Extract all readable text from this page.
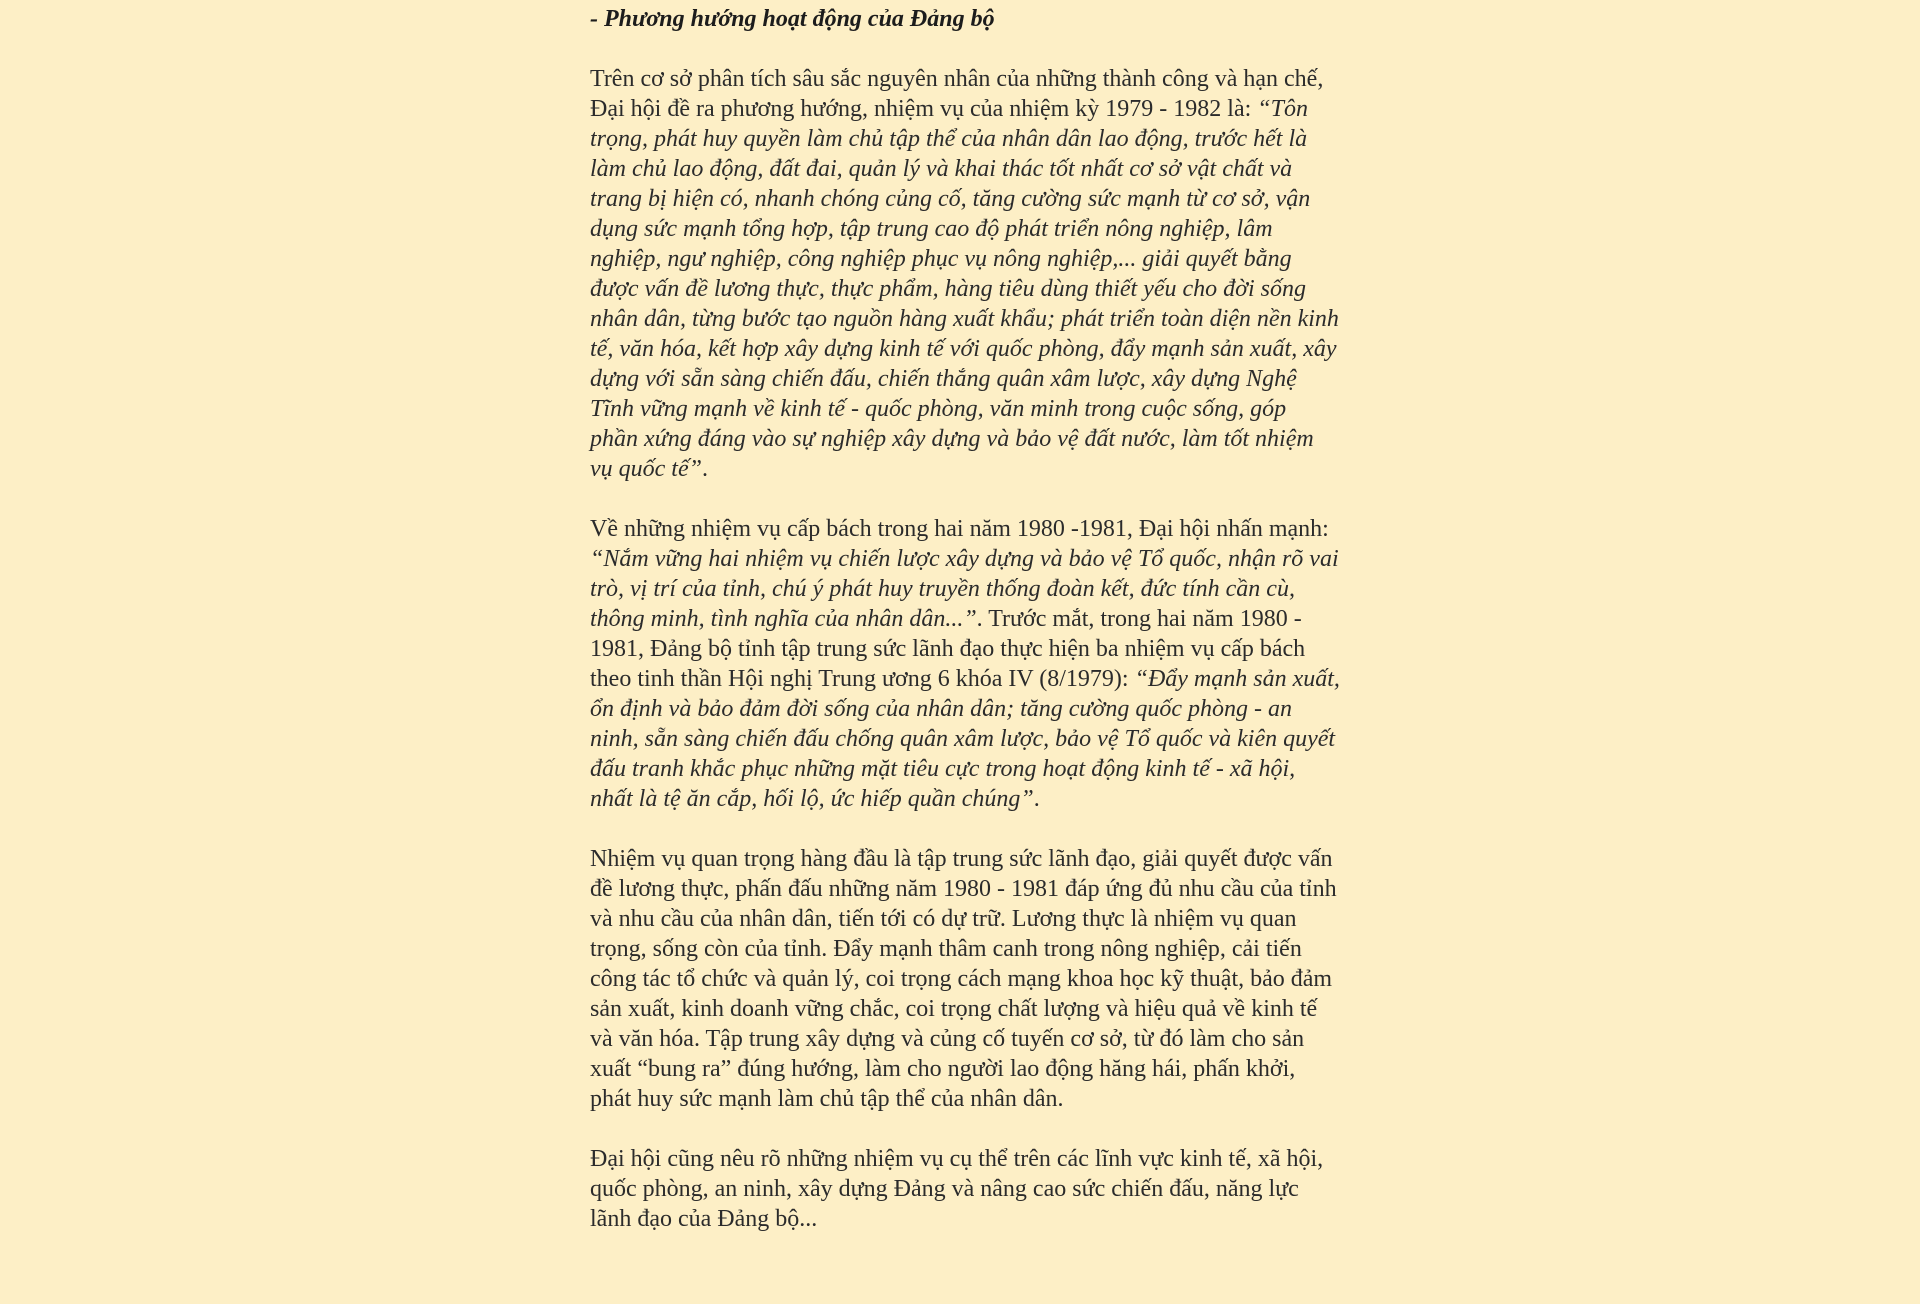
- Phương hướng hoạt động của Đảng bộ
Trên cơ sở phân tích sâu sắc nguyên nhân của những thành công và hạn chế, Đại hội đề ra phương hướng, nhiệm vụ của nhiệm kỳ 1979 - 1982 là: “Tôn trọng, phát huy quyền làm chủ tập thể của nhân dân lao động, trước hết là làm chủ lao động, đất đai, quản lý và khai thác tốt nhất cơ sở vật chất và trang bị hiện có, nhanh chóng củng cố, tăng cường sức mạnh từ cơ sở, vận dụng sức mạnh tổng hợp, tập trung cao độ phát triển nông nghiệp, lâm nghiệp, ngư nghiệp, công nghiệp phục vụ nông nghiệp,... giải quyết bằng được vấn đề lương thực, thực phẩm, hàng tiêu dùng thiết yếu cho đời sống nhân dân, từng bước tạo nguồn hàng xuất khẩu; phát triển toàn diện nền kinh tế, văn hóa, kết hợp xây dựng kinh tế với quốc phòng, đẩy mạnh sản xuất, xây dựng với sẵn sàng chiến đấu, chiến thắng quân xâm lược, xây dựng Nghệ Tĩnh vững mạnh về kinh tế - quốc phòng, văn minh trong cuộc sống, góp phần xứng đáng vào sự nghiệp xây dựng và bảo vệ đất nước, làm tốt nhiệm vụ quốc tế”.
Về những nhiệm vụ cấp bách trong hai năm 1980 -1981, Đại hội nhấn mạnh: “Nắm vững hai nhiệm vụ chiến lược xây dựng và bảo vệ Tổ quốc, nhận rõ vai trò, vị trí của tỉnh, chú ý phát huy truyền thống đoàn kết, đức tính cần cù, thông minh, tình nghĩa của nhân dân...”. Trước mắt, trong hai năm 1980 - 1981, Đảng bộ tỉnh tập trung sức lãnh đạo thực hiện ba nhiệm vụ cấp bách theo tinh thần Hội nghị Trung ương 6 khóa IV (8/1979): “Đẩy mạnh sản xuất, ổn định và bảo đảm đời sống của nhân dân; tăng cường quốc phòng - an ninh, sẵn sàng chiến đấu chống quân xâm lược, bảo vệ Tổ quốc và kiên quyết đấu tranh khắc phục những mặt tiêu cực trong hoạt động kinh tế - xã hội, nhất là tệ ăn cắp, hối lộ, ức hiếp quần chúng”.
Nhiệm vụ quan trọng hàng đầu là tập trung sức lãnh đạo, giải quyết được vấn đề lương thực, phấn đấu những năm 1980 - 1981 đáp ứng đủ nhu cầu của tỉnh và nhu cầu của nhân dân, tiến tới có dự trữ. Lương thực là nhiệm vụ quan trọng, sống còn của tỉnh. Đẩy mạnh thâm canh trong nông nghiệp, cải tiến công tác tổ chức và quản lý, coi trọng cách mạng khoa học kỹ thuật, bảo đảm sản xuất, kinh doanh vững chắc, coi trọng chất lượng và hiệu quả về kinh tế và văn hóa. Tập trung xây dựng và củng cố tuyến cơ sở, từ đó làm cho sản xuất “bung ra” đúng hướng, làm cho người lao động hăng hái, phấn khởi, phát huy sức mạnh làm chủ tập thể của nhân dân.
Đại hội cũng nêu rõ những nhiệm vụ cụ thể trên các lĩnh vực kinh tế, xã hội, quốc phòng, an ninh, xây dựng Đảng và nâng cao sức chiến đấu, năng lực lãnh đạo của Đảng bộ...
